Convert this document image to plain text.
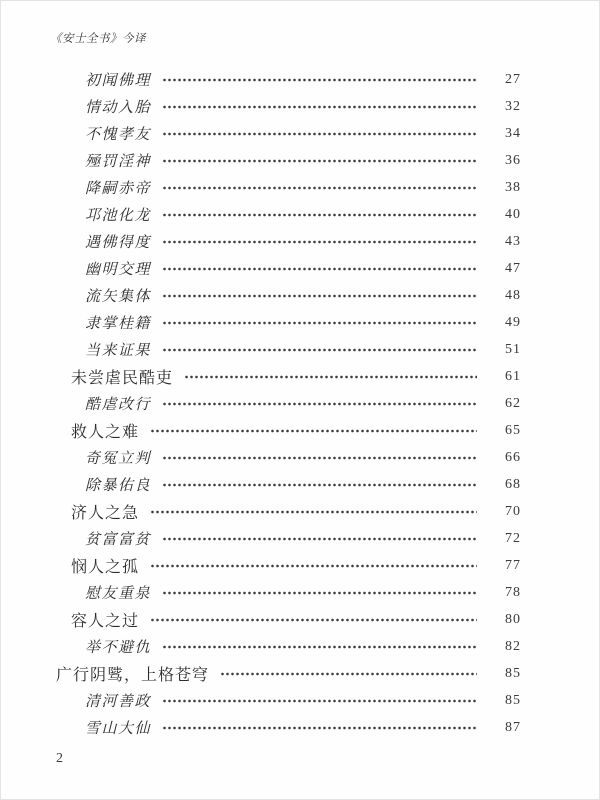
《安士全书》今译
初闻佛理	27
情动入胎	32
不愧孝友	34
殛罚淫神	36
降嗣赤帝	38
邛池化龙	40
遇佛得度	43
幽明交理	47
流矢集体	48
隶掌桂籍	49
当来证果	51
未尝虐民酷吏	61
酷虐改行	62
救人之难	65
奇冤立判	66
除暴佑良	68
济人之急	70
贫富富贫	72
悯人之孤	77
慰友重泉	78
容人之过	80
举不避仇	82
广行阴骘，上格苍穹	85
清河善政	85
雪山大仙	87
2
